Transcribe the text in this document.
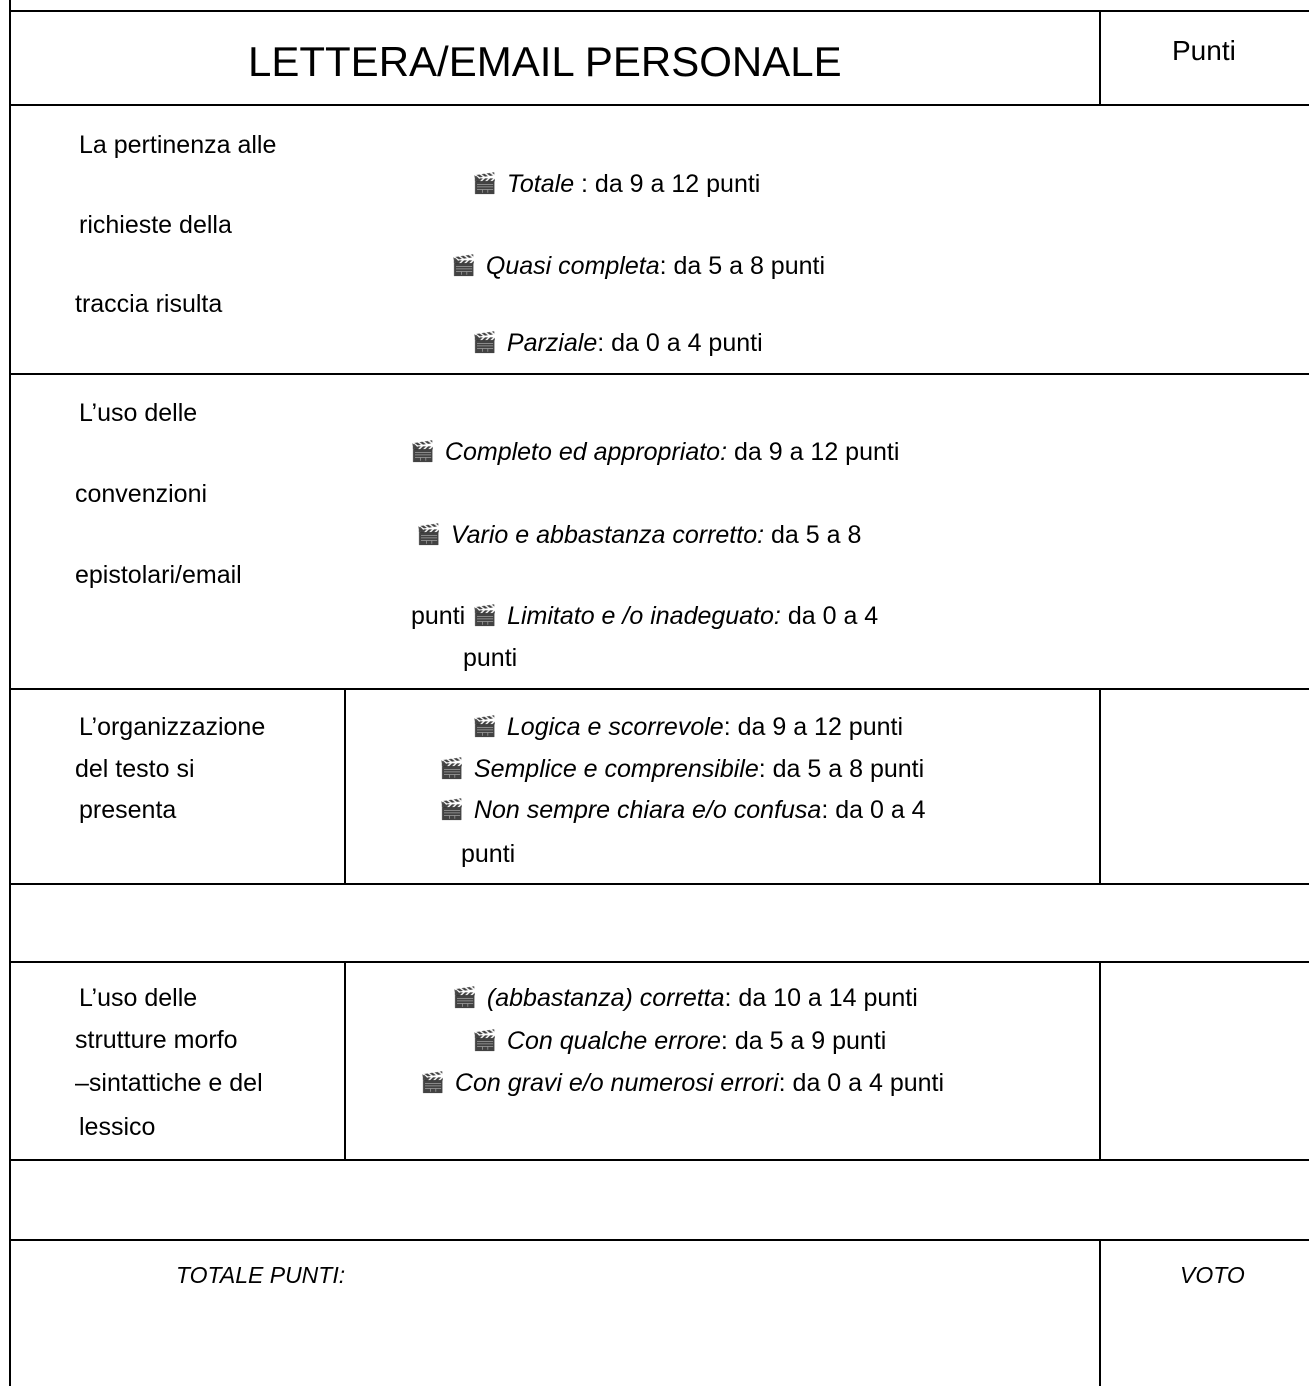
LETTERA/EMAIL PERSONALE	Punti
La pertinenza alle
richieste della
traccia risulta
🎬 Totale : da 9 a 12 punti
🎬 Quasi completa: da 5 a 8 punti
🎬 Parziale: da 0 a 4 punti
L’uso delle
convenzioni
epistolari/email
🎬 Completo ed appropriato: da 9 a 12 punti
🎬 Vario e abbastanza corretto: da 5 a 8
punti 🎬 Limitato e /o inadeguato: da 0 a 4
punti
L’organizzazione
del testo si
presenta
🎬 Logica e scorrevole: da 9 a 12 punti
🎬 Semplice e comprensibile: da 5 a 8 punti
🎬 Non sempre chiara e/o confusa: da 0 a 4
punti
L’uso delle
strutture morfo
–sintattiche e del
lessico
🎬 (abbastanza) corretta: da 10 a 14 punti
🎬 Con qualche errore: da 5 a 9 punti
🎬 Con gravi e/o numerosi errori: da 0 a 4 punti
TOTALE PUNTI:	VOTO
